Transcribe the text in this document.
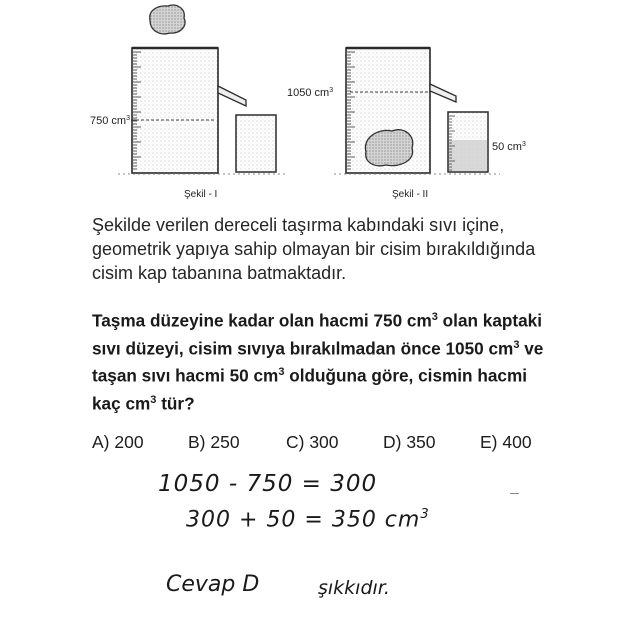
750 $cm^3$
Şekil - I
1050 $cm^3$
50 $cm^3$
Şekil - II

Şekilde verilen dereceli taşırma kabındaki sıvı içine, geometrik yapıya sahip olmayan bir cisim bırakıldığında cisim kap tabanına batmaktadır.

Taşma düzeyine kadar olan hacmi 750 $cm^3$ olan kaptaki sıvı düzeyi, cisim sıvıya bırakılmadan önce 1050 $cm^3$ ve taşan sıvı hacmi 50 $cm^3$ olduğuna göre, cismin hacmi kaç $cm^3$ tür?

A) 200	B) 250	C) 300	D) 350	E) 400
1050 - 750 = 300
300 + 50 = 350 $cm^3$
Cevap D	şıkkıdır.
